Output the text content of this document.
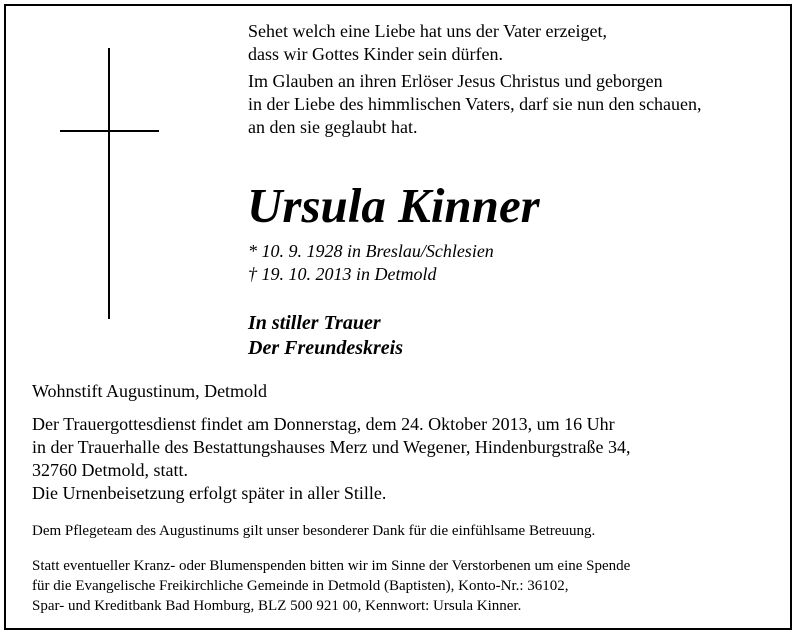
Sehet welch eine Liebe hat uns der Vater erzeiget,
dass wir Gottes Kinder sein dürfen.
Im Glauben an ihren Erlöser Jesus Christus und geborgen
in der Liebe des himmlischen Vaters, darf sie nun den schauen,
an den sie geglaubt hat.
Ursula Kinner
* 10. 9. 1928 in Breslau/Schlesien
† 19. 10. 2013 in Detmold
In stiller Trauer
Der Freundeskreis
Wohnstift Augustinum, Detmold
Der Trauergottesdienst findet am Donnerstag, dem 24. Oktober 2013, um 16 Uhr
in der Trauerhalle des Bestattungshauses Merz und Wegener, Hindenburgstraße 34,
32760 Detmold, statt.
Die Urnenbeisetzung erfolgt später in aller Stille.
Dem Pflegeteam des Augustinums gilt unser besonderer Dank für die einfühlsame Betreuung.
Statt eventueller Kranz- oder Blumenspenden bitten wir im Sinne der Verstorbenen um eine Spende
für die Evangelische Freikirchliche Gemeinde in Detmold (Baptisten), Konto-Nr.: 36102,
Spar- und Kreditbank Bad Homburg, BLZ 500 921 00, Kennwort: Ursula Kinner.
